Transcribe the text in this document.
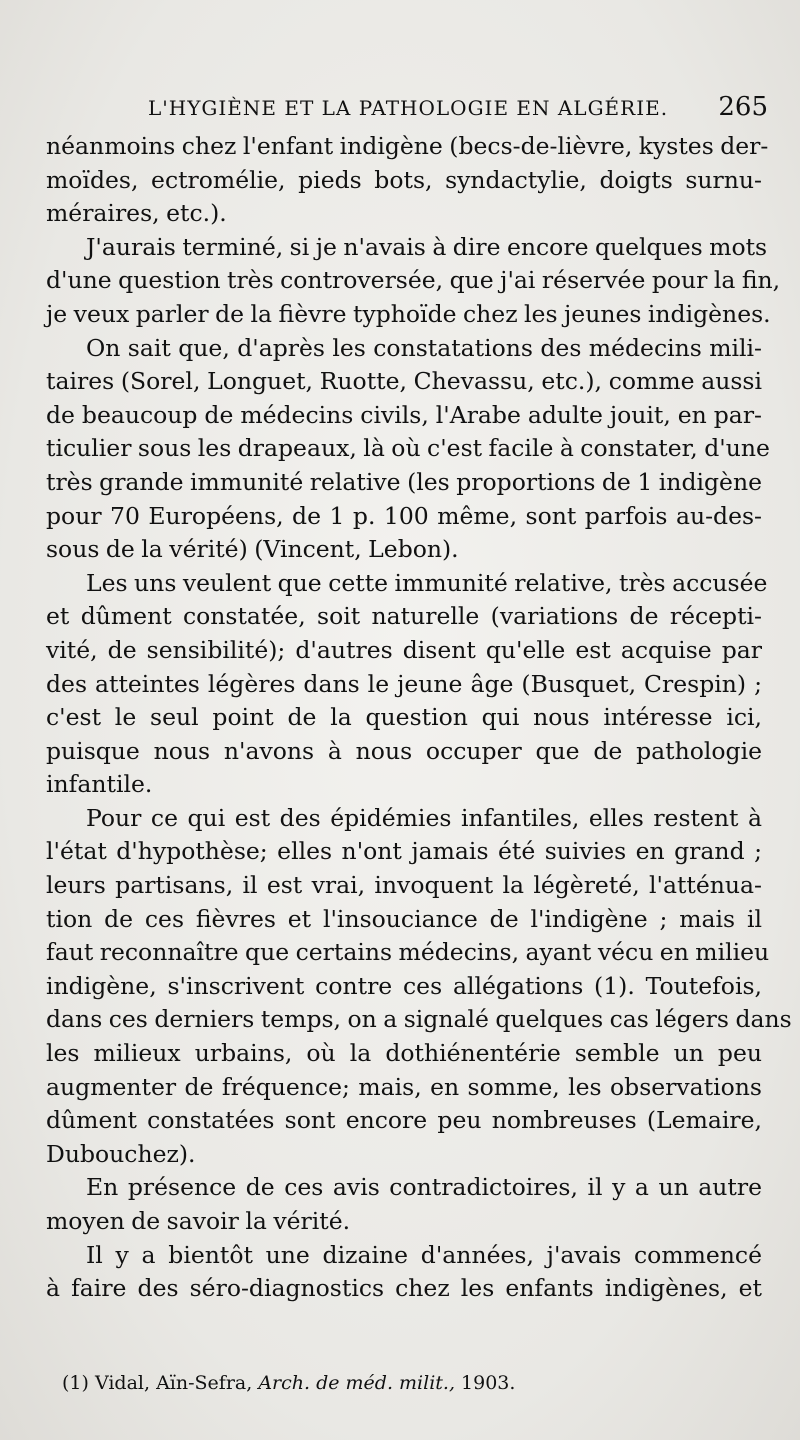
L'HYGIÈNE ET LA PATHOLOGIE EN ALGÉRIE. 265
néanmoins chez l'enfant indigène (becs-de-lièvre, kystes der-
moïdes, ectromélie, pieds bots, syndactylie, doigts surnu-
méraires, etc.).
J'aurais terminé, si je n'avais à dire encore quelques mots
d'une question très controversée, que j'ai réservée pour la fin,
je veux parler de la fièvre typhoïde chez les jeunes indigènes.
On sait que, d'après les constatations des médecins mili-
taires (Sorel, Longuet, Ruotte, Chevassu, etc.), comme aussi
de beaucoup de médecins civils, l'Arabe adulte jouit, en par-
ticulier sous les drapeaux, là où c'est facile à constater, d'une
très grande immunité relative (les proportions de 1 indigène
pour 70 Européens, de 1 p. 100 même, sont parfois au-des-
sous de la vérité) (Vincent, Lebon).
Les uns veulent que cette immunité relative, très accusée
et dûment constatée, soit naturelle (variations de récepti-
vité, de sensibilité); d'autres disent qu'elle est acquise par
des atteintes légères dans le jeune âge (Busquet, Crespin) ;
c'est le seul point de la question qui nous intéresse ici,
puisque nous n'avons à nous occuper que de pathologie
infantile.
Pour ce qui est des épidémies infantiles, elles restent à
l'état d'hypothèse; elles n'ont jamais été suivies en grand ;
leurs partisans, il est vrai, invoquent la légèreté, l'atténua-
tion de ces fièvres et l'insouciance de l'indigène ; mais il
faut reconnaître que certains médecins, ayant vécu en milieu
indigène, s'inscrivent contre ces allégations (1). Toutefois,
dans ces derniers temps, on a signalé quelques cas légers dans
les milieux urbains, où la dothiénentérie semble un peu
augmenter de fréquence; mais, en somme, les observations
dûment constatées sont encore peu nombreuses (Lemaire,
Dubouchez).
En présence de ces avis contradictoires, il y a un autre
moyen de savoir la vérité.
Il y a bientôt une dizaine d'années, j'avais commencé
à faire des séro-diagnostics chez les enfants indigènes, et
(1) Vidal, Aïn-Sefra, Arch. de méd. milit., 1903.
